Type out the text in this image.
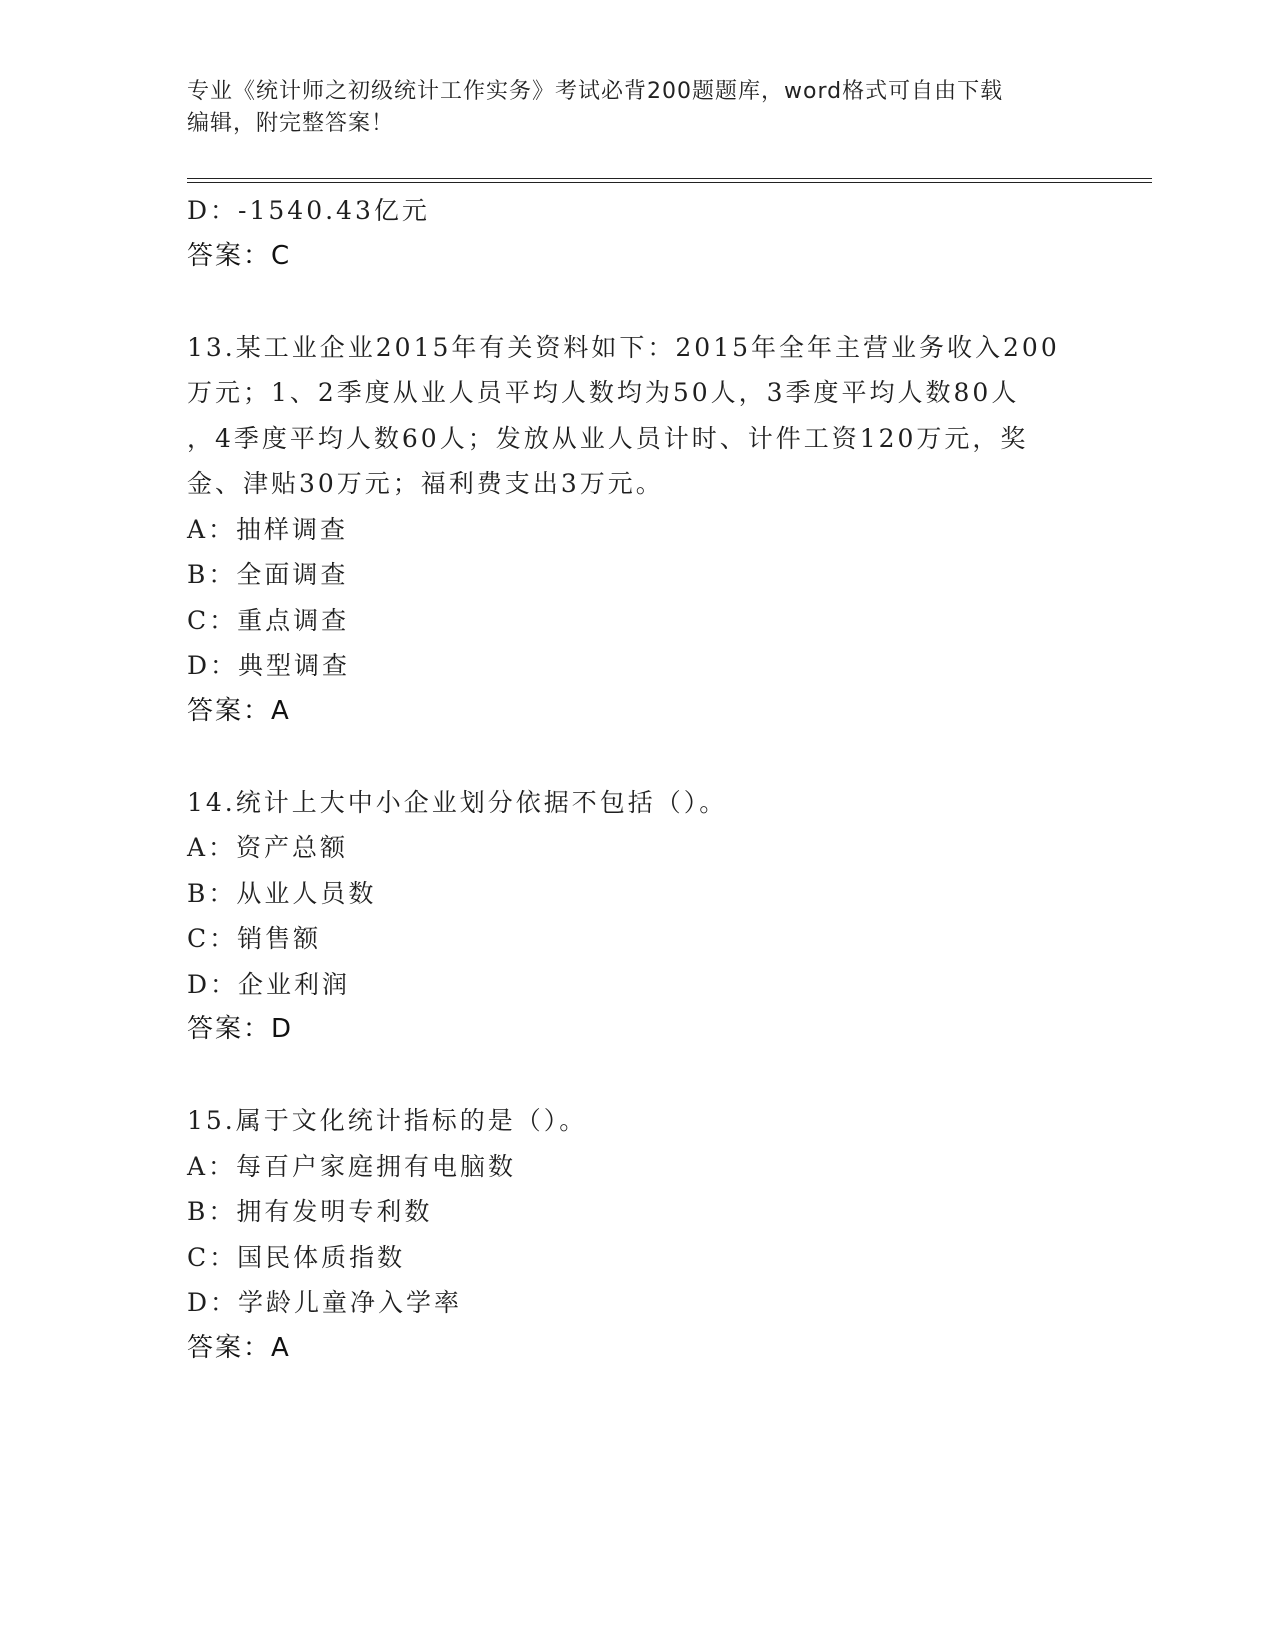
专业《统计师之初级统计工作实务》考试必背200题题库，word格式可自由下载
编辑，附完整答案！
D：-1540.43亿元
答案：C
13.某工业企业2015年有关资料如下：2015年全年主营业务收入200
万元；1、2季度从业人员平均人数均为50人，3季度平均人数80人
，4季度平均人数60人；发放从业人员计时、计件工资120万元，奖
金、津贴30万元；福利费支出3万元。
A：抽样调查
B：全面调查
C：重点调查
D：典型调查
答案：A
14.统计上大中小企业划分依据不包括（）。
A：资产总额
B：从业人员数
C：销售额
D：企业利润
答案：D
15.属于文化统计指标的是（）。
A：每百户家庭拥有电脑数
B：拥有发明专利数
C：国民体质指数
D：学龄儿童净入学率
答案：A
